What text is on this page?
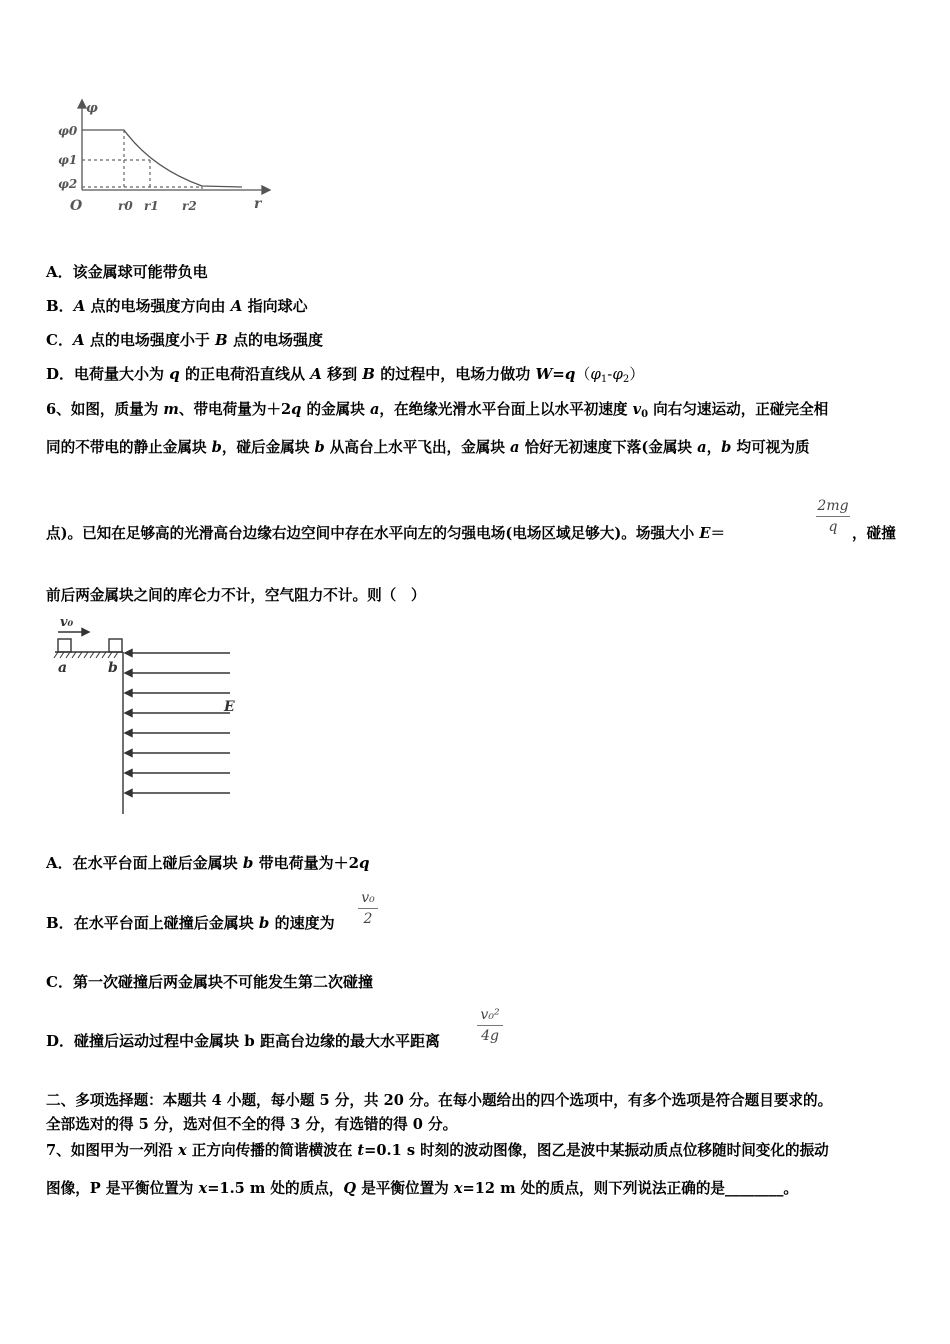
φ
φ0
φ1
φ2
O	r0 r1 r2	r
A．该金属球可能带负电
B．A 点的电场强度方向由 A 指向球心
C．A 点的电场强度小于 B 点的电场强度
D．电荷量大小为 q 的正电荷沿直线从 A 移到 B 的过程中，电场力做功 $W=q(\varphi_1-\varphi_2)$
6、如图，质量为 m、带电荷量为＋2q 的金属块 a，在绝缘光滑水平台面上以水平初速度 $v_0$ 向右匀速运动，正碰完全相
同的不带电的静止金属块 b，碰后金属块 b 从高台上水平飞出，金属块 a 恰好无初速度下落(金属块 a，b 均可视为质
点)。已知在足够高的光滑高台边缘右边空间中存在水平向左的匀强电场(电场区域足够大)。场强大小 E＝
2mg
q ，碰撞
前后两金属块之间的库仑力不计，空气阻力不计。则（　）
v₀
a	b
E
A．在水平台面上碰后金属块 b 带电荷量为＋2q
B．在水平台面上碰撞后金属块 b 的速度为
v₀
2
C．第一次碰撞后两金属块不可能发生第二次碰撞
D．碰撞后运动过程中金属块 b 距高台边缘的最大水平距离
v₀²
4g
二、多项选择题：本题共 4 小题，每小题 5 分，共 20 分。在每小题给出的四个选项中，有多个选项是符合题目要求的。
全部选对的得 5 分，选对但不全的得 3 分，有选错的得 0 分。
7、如图甲为一列沿 x 正方向传播的简谐横波在 t=0.1 s 时刻的波动图像，图乙是波中某振动质点位移随时间变化的振动
图像，P 是平衡位置为 x=1.5 m 处的质点，Q 是平衡位置为 x=12 m 处的质点，则下列说法正确的是________。
